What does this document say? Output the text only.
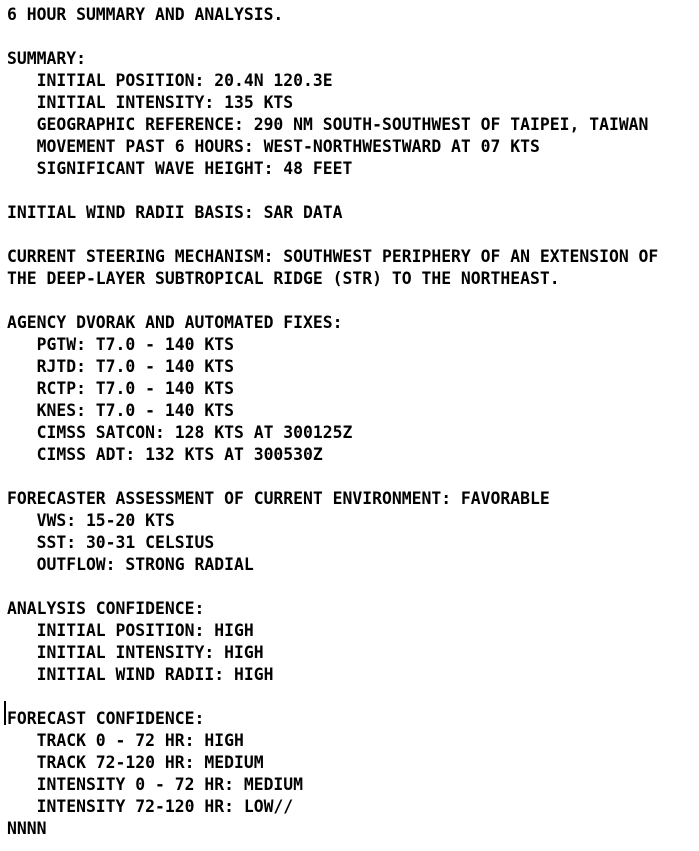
6 HOUR SUMMARY AND ANALYSIS.
SUMMARY:
INITIAL POSITION: 20.4N 120.3E
INITIAL INTENSITY: 135 KTS
GEOGRAPHIC REFERENCE: 290 NM SOUTH-SOUTHWEST OF TAIPEI, TAIWAN
MOVEMENT PAST 6 HOURS: WEST-NORTHWESTWARD AT 07 KTS
SIGNIFICANT WAVE HEIGHT: 48 FEET
INITIAL WIND RADII BASIS: SAR DATA
CURRENT STEERING MECHANISM: SOUTHWEST PERIPHERY OF AN EXTENSION OF
THE DEEP-LAYER SUBTROPICAL RIDGE (STR) TO THE NORTHEAST.
AGENCY DVORAK AND AUTOMATED FIXES:
PGTW: T7.0 - 140 KTS
RJTD: T7.0 - 140 KTS
RCTP: T7.0 - 140 KTS
KNES: T7.0 - 140 KTS
CIMSS SATCON: 128 KTS AT 300125Z
CIMSS ADT: 132 KTS AT 300530Z
FORECASTER ASSESSMENT OF CURRENT ENVIRONMENT: FAVORABLE
VWS: 15-20 KTS
SST: 30-31 CELSIUS
OUTFLOW: STRONG RADIAL
ANALYSIS CONFIDENCE:
INITIAL POSITION: HIGH
INITIAL INTENSITY: HIGH
INITIAL WIND RADII: HIGH
FORECAST CONFIDENCE:
TRACK 0 - 72 HR: HIGH
TRACK 72-120 HR: MEDIUM
INTENSITY 0 - 72 HR: MEDIUM
INTENSITY 72-120 HR: LOW//
NNNN
